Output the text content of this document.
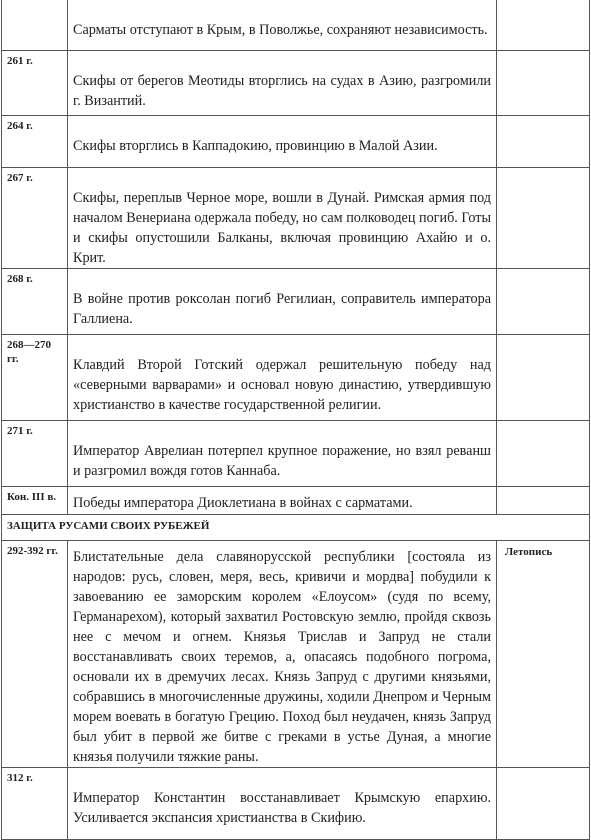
	Сарматы отступают в Крым, в Поволжье, сохраняют независимость.	

261 г.	Скифы от берегов Меотиды вторглись на судах в Азию, разгромили г. Византий.	

264 г.	Скифы вторглись в Каппадокию, провинцию в Малой Азии.	

267 г.	Скифы, переплыв Черное море, вошли в Дунай. Римская армия под началом Венериана одержала победу, но сам полководец погиб. Готы и скифы опустошили Балканы, включая провинцию Ахайю и о. Крит.	

268 г.	В войне против роксолан погиб Регилиан, соправитель императора Галлиена.	

268—270 гг.	Клавдий Второй Готский одержал решительную победу над «северными варварами» и основал новую династию, утвердившую христианство в качестве государственной религии.	

271 г.	Император Аврелиан потерпел крупное поражение, но взял реванш и разгромил вождя готов Каннаба.	

Кон. III в.	Победы императора Диоклетиана в войнах с сарматами.	

ЗАЩИТА РУСАМИ СВОИХ РУБЕЖЕЙ		

292-392 гг.	Блистательные дела славянорусской республики [состояла из народов: русь, словен, меря, весь, кривичи и мордва] побудили к завоеванию ее заморским королем «Елоусом» (судя по всему, Германарехом), который захватил Ростовскую землю, пройдя сквозь нее с мечом и огнем. Князья Трислав и Запруд не стали восстанавливать своих теремов, а, опасаясь подобного погрома, основали их в дремучих лесах. Князь Запруд с другими князьями, собравшись в многочисленные дружины, ходили Днепром и Черным морем воевать в богатую Грецию. Поход был неудачен, князь Запруд был убит в первой же битве с греками в устье Дуная, а многие князья получили тяжкие раны.	Летопись

312 г.	Император Константин восстанавливает Крымскую епархию. Усиливается экспансия христианства в Скифию.	
